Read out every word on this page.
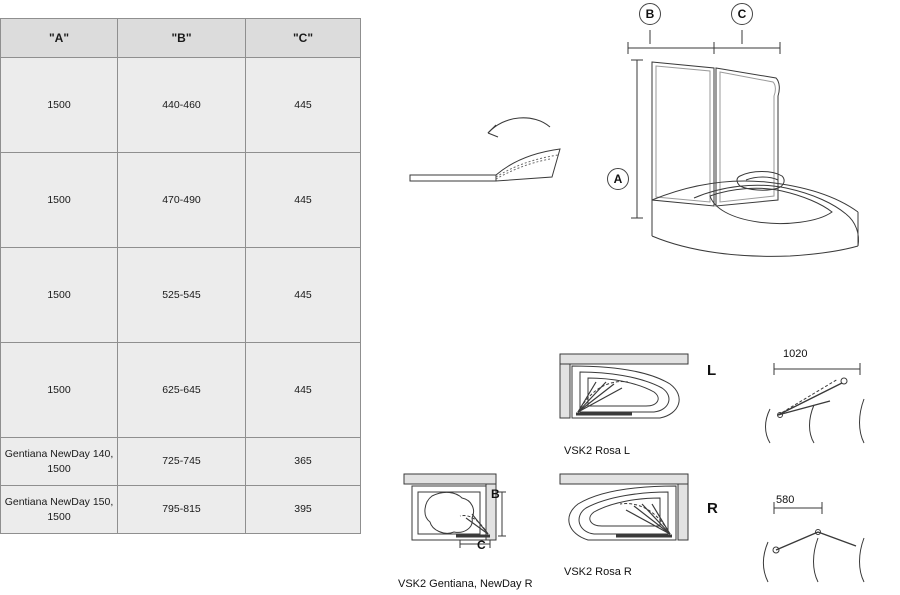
"A"	"B"	"C"
1500	440-460	445
1500	470-490	445
1500	525-545	445
1500	625-645	445
Gentiana NewDay 140, 1500	725-745	365
Gentiana NewDay 150, 1500	795-815	395
B	C
A
L
VSK2 Rosa L
R
VSK2 Rosa R
B
C
VSK2 Gentiana, NewDay R
1020
580
